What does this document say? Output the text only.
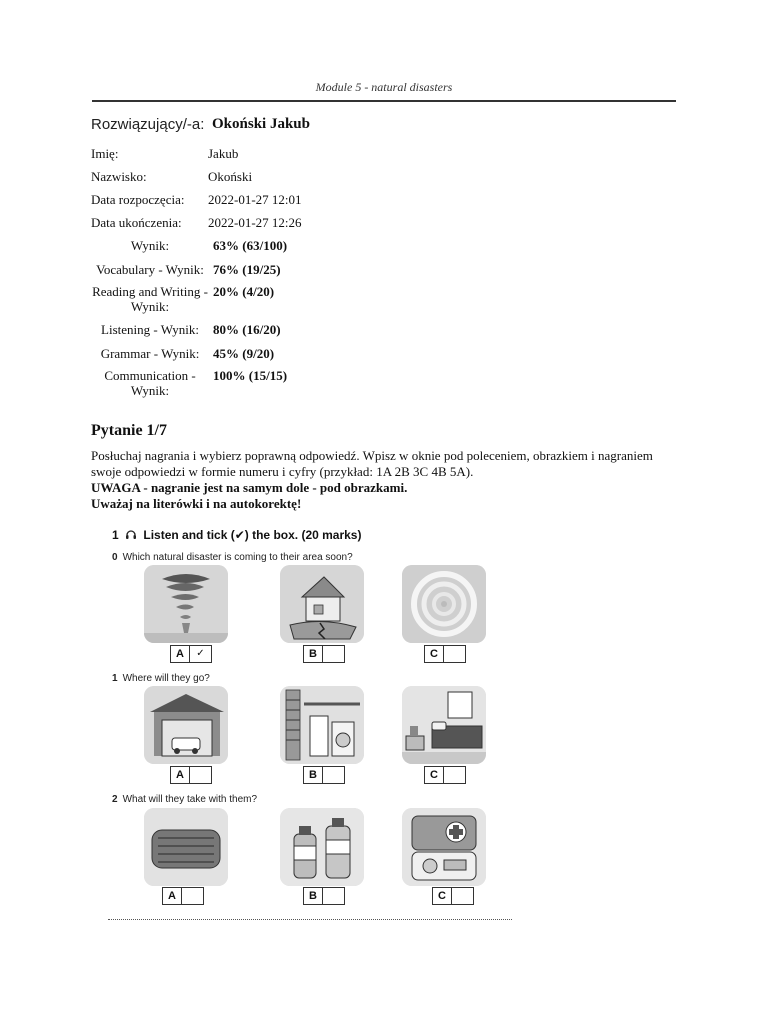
Module 5 - natural disasters
Rozwiązujący/-a: Okoński Jakub
Imię:	Jakub
Nazwisko:	Okoński
Data rozpoczęcia:	2022-01-27 12:01
Data ukończenia:	2022-01-27 12:26
Wynik:	63% (63/100)
Vocabulary - Wynik: 76% (19/25)
Reading and Writing - Wynik:
20% (4/20)
Listening - Wynik:	80% (16/20)
Grammar - Wynik:	45% (9/20)
Communication - Wynik:
100% (15/15)
Pytanie 1/7
Posłuchaj nagrania i wybierz poprawną odpowiedź. Wpisz w oknie pod poleceniem, obrazkiem i nagraniem swoje odpowiedzi w formie numeru i cyfry (przykład: 1A 2B 3C 4B 5A).
UWAGA - nagranie jest na samym dole - pod obrazkami.
Uważaj na literówki i na autokorektę!
1 Listen and tick (✔) the box. (20 marks)
0 Which natural disaster is coming to their area soon?
A	✓	B	C
1 Where will they go?
A	B	C
2 What will they take with them?
A	B	C
